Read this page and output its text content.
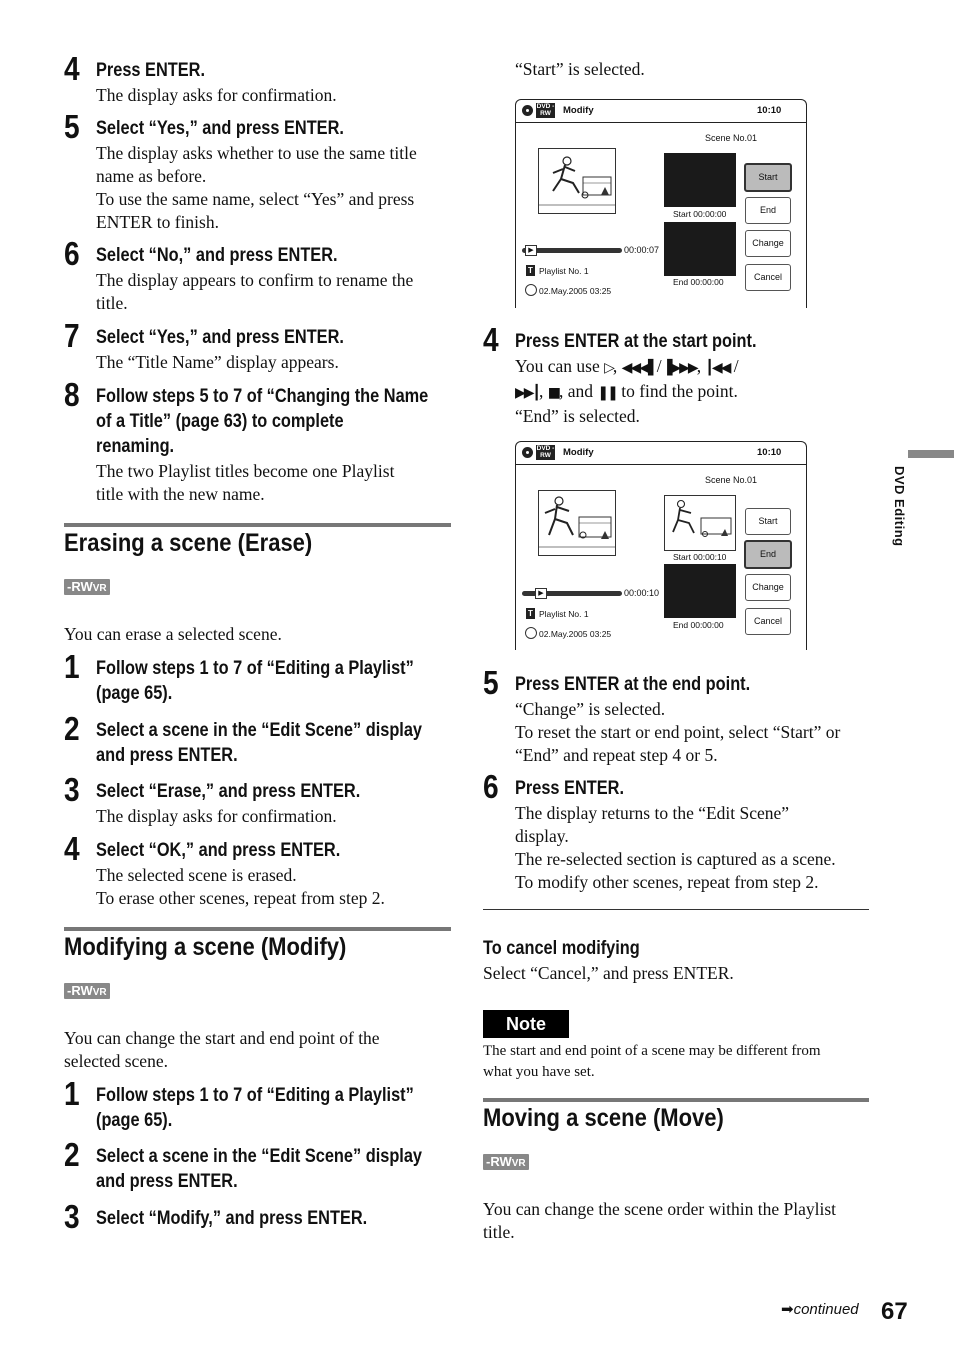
4 Press ENTER.

The display asks for confirmation.

5 Select “Yes,” and press ENTER.

The display asks whether to use the same title

name as before.

To use the same name, select “Yes” and press

ENTER to finish.

6 Select “No,” and press ENTER.

The display appears to confirm to rename the

title.

7 Select “Yes,” and press ENTER.

The “Title Name” display appears.

8 Follow steps 5 to 7 of “Changing the Name
of a Title” (page 63) to complete
renaming.

The two Playlist titles become one Playlist

title with the new name.

Erasing a scene (Erase)
-RWVR
You can erase a selected scene.
1 Follow steps 1 to 7 of “Editing a Playlist”
(page 65).
2 Select a scene in the “Edit Scene” display
and press ENTER.
3 Select “Erase,” and press ENTER.

The display asks for confirmation.

4 Select “OK,” and press ENTER.

The selected scene is erased.

To erase other scenes, repeat from step 2.

Modifying a scene (Modify)
-RWVR
You can change the start and end point of the
selected scene.
1 Follow steps 1 to 7 of “Editing a Playlist”
(page 65).
2 Select a scene in the “Edit Scene” display
and press ENTER.
3 Select “Modify,” and press ENTER.
“Start” is selected.
DVD -RW	Modify	10:10
Scene No.01
Start 00:00:00
End 00:00:00
▶	00:00:07
T Playlist No. 1
02.May.2005 03:25
Start
End
Change
Cancel
4 Press ENTER at the start point.

You can use ▷, ◀◀◀▌/▐▶▶▶, ┃◀◀ /

▶▶┃, ■, and ❚❚ to find the point.

“End” is selected.

DVD -RW	Modify	10:10
Scene No.01
Start 00:00:10
End 00:00:00
▶	00:00:10
T Playlist No. 1
02.May.2005 03:25
Start
End
Change
Cancel
5 Press ENTER at the end point.

“Change” is selected.

To reset the start or end point, select “Start” or

“End” and repeat step 4 or 5.

6 Press ENTER.

The display returns to the “Edit Scene”

display.

The re-selected section is captured as a scene.

To modify other scenes, repeat from step 2.

To cancel modifying
Select “Cancel,” and press ENTER.
Note
The start and end point of a scene may be different from
what you have set.
Moving a scene (Move)
-RWVR
You can change the scene order within the Playlist
title.
DVD Editing
➡continued 67
